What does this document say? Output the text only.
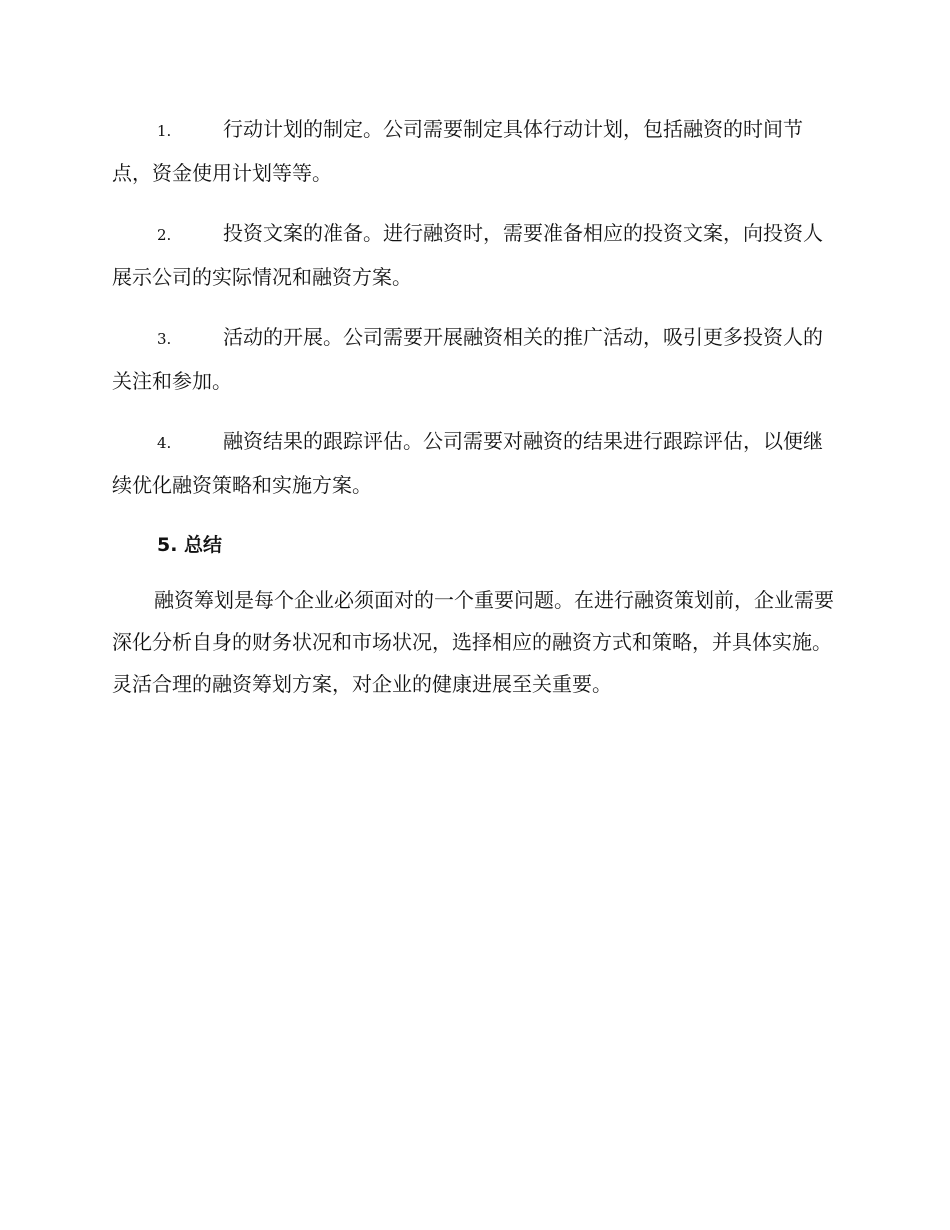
1.	行动计划的制定。公司需要制定具体行动计划，包括融资的时间节点，资金使用计划等等。

2.	投资文案的准备。进行融资时，需要准备相应的投资文案，向投资人展示公司的实际情况和融资方案。

3.	活动的开展。公司需要开展融资相关的推广活动，吸引更多投资人的关注和参加。

4.	融资结果的跟踪评估。公司需要对融资的结果进行跟踪评估，以便继续优化融资策略和实施方案。

5. 总结

融资筹划是每个企业必须面对的一个重要问题。在进行融资策划前，企业需要深化分析自身的财务状况和市场状况，选择相应的融资方式和策略，并具体实施。灵活合理的融资筹划方案，对企业的健康进展至关重要。
